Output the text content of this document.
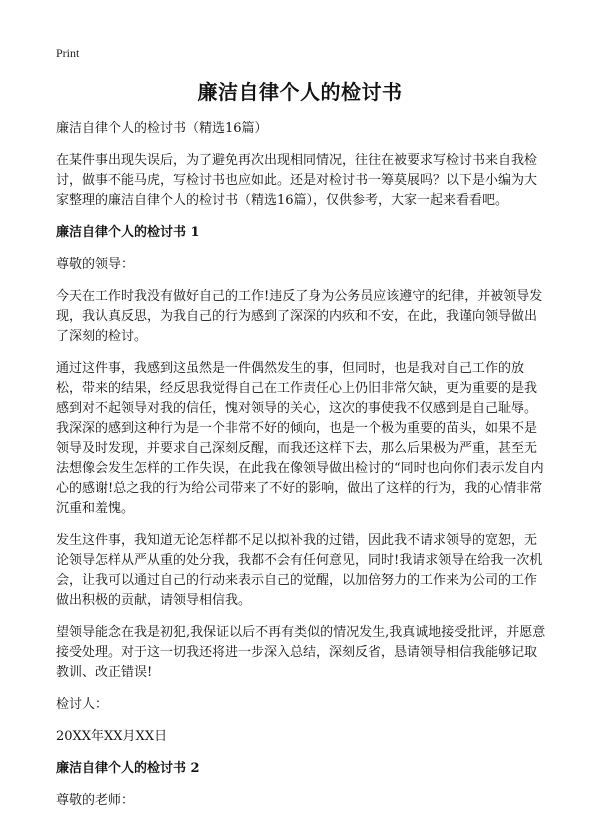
Print
廉洁自律个人的检讨书

廉洁自律个人的检讨书（精选16篇）

在某件事出现失误后，为了避免再次出现相同情况，往往在被要求写检讨书来自我检讨，做事不能马虎，写检讨书也应如此。还是对检讨书一筹莫展吗？以下是小编为大家整理的廉洁自律个人的检讨书（精选16篇），仅供参考，大家一起来看看吧。

廉洁自律个人的检讨书 1

尊敬的领导：

今天在工作时我没有做好自己的工作!违反了身为公务员应该遵守的纪律，并被领导发现，我认真反思，为我自己的行为感到了深深的内疚和不安，在此，我谨向领导做出了深刻的检讨。

通过这件事，我感到这虽然是一件偶然发生的事，但同时，也是我对自己工作的放松，带来的结果，经反思我觉得自己在工作责任心上仍旧非常欠缺，更为重要的是我感到对不起领导对我的信任，愧对领导的关心，这次的事使我不仅感到是自己耻辱。我深深的感到这种行为是一个非常不好的倾向，也是一个极为重要的苗头，如果不是领导及时发现，并要求自己深刻反醒，而我还这样下去，那么后果极为严重，甚至无法想像会发生怎样的工作失误，在此我在像领导做出检讨的“同时也向你们表示发自内心的感谢!总之我的行为给公司带来了不好的影响，做出了这样的行为，我的心情非常沉重和羞愧。

发生这件事，我知道无论怎样都不足以拟补我的过错，因此我不请求领导的宽恕，无论领导怎样从严从重的处分我，我都不会有任何意见，同时!我请求领导在给我一次机会，让我可以通过自己的行动来表示自己的觉醒，以加倍努力的工作来为公司的工作做出积极的贡献，请领导相信我。

望领导能念在我是初犯,我保证以后不再有类似的情况发生,我真诚地接受批评，并愿意接受处理。对于这一切我还将进一步深入总结，深刻反省，恳请领导相信我能够记取教训、改正错误!

检讨人：

20XX年XX月XX日

廉洁自律个人的检讨书 2

尊敬的老师：
